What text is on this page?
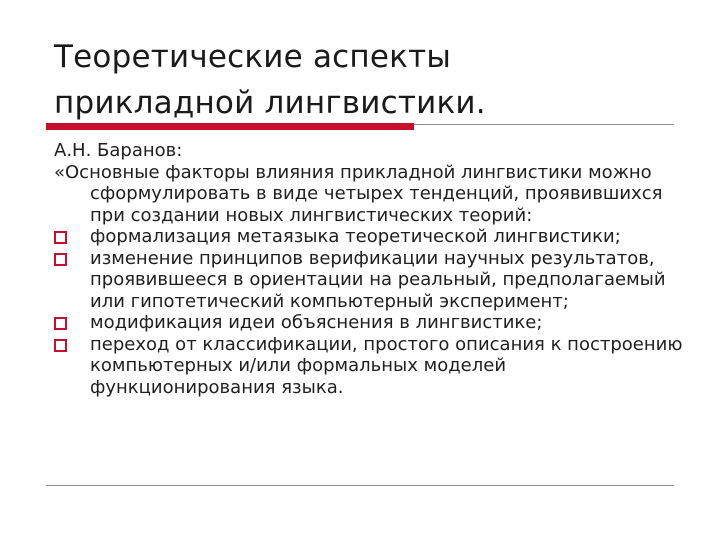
Теоретические аспекты
прикладной лингвистики.

А.Н. Баранов:

«Основные факторы влияния прикладной лингвистики можно сформулировать в виде четырех тенденций, проявившихся при создании новых лингвистических теорий:

формализация метаязыка теоретической лингвистики;
изменение принципов верификации научных результатов, проявившееся в ориентации на реальный, предполагаемый или гипотетический компьютерный эксперимент;
модификация идеи объяснения в лингвистике;
переход от классификации, простого описания к построению компьютерных и/или формальных моделей функционирования языка.
